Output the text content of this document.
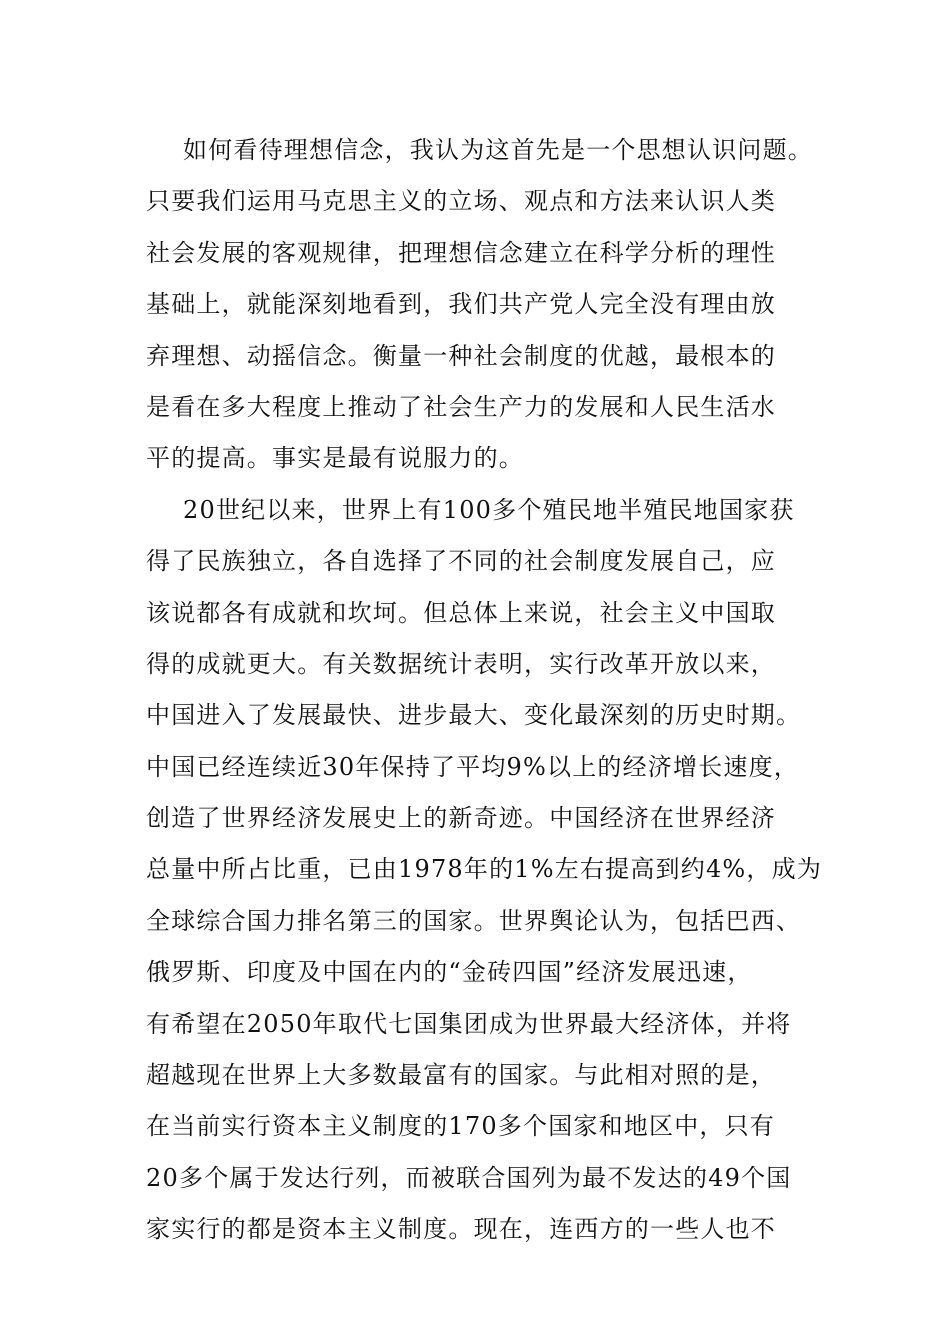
如何看待理想信念，我认为这首先是一个思想认识问题。
只要我们运用马克思主义的立场、观点和方法来认识人类
社会发展的客观规律，把理想信念建立在科学分析的理性
基础上，就能深刻地看到，我们共产党人完全没有理由放
弃理想、动摇信念。衡量一种社会制度的优越，最根本的
是看在多大程度上推动了社会生产力的发展和人民生活水
平的提高。事实是最有说服力的。
20世纪以来，世界上有100多个殖民地半殖民地国家获
得了民族独立，各自选择了不同的社会制度发展自己，应
该说都各有成就和坎坷。但总体上来说，社会主义中国取
得的成就更大。有关数据统计表明，实行改革开放以来，
中国进入了发展最快、进步最大、变化最深刻的历史时期。
中国已经连续近30年保持了平均9%以上的经济增长速度，
创造了世界经济发展史上的新奇迹。中国经济在世界经济
总量中所占比重，已由1978年的1%左右提高到约4%，成为
全球综合国力排名第三的国家。世界舆论认为，包括巴西、
俄罗斯、印度及中国在内的“金砖四国”经济发展迅速，
有希望在2050年取代七国集团成为世界最大经济体，并将
超越现在世界上大多数最富有的国家。与此相对照的是，
在当前实行资本主义制度的170多个国家和地区中，只有
20多个属于发达行列，而被联合国列为最不发达的49个国
家实行的都是资本主义制度。现在，连西方的一些人也不
